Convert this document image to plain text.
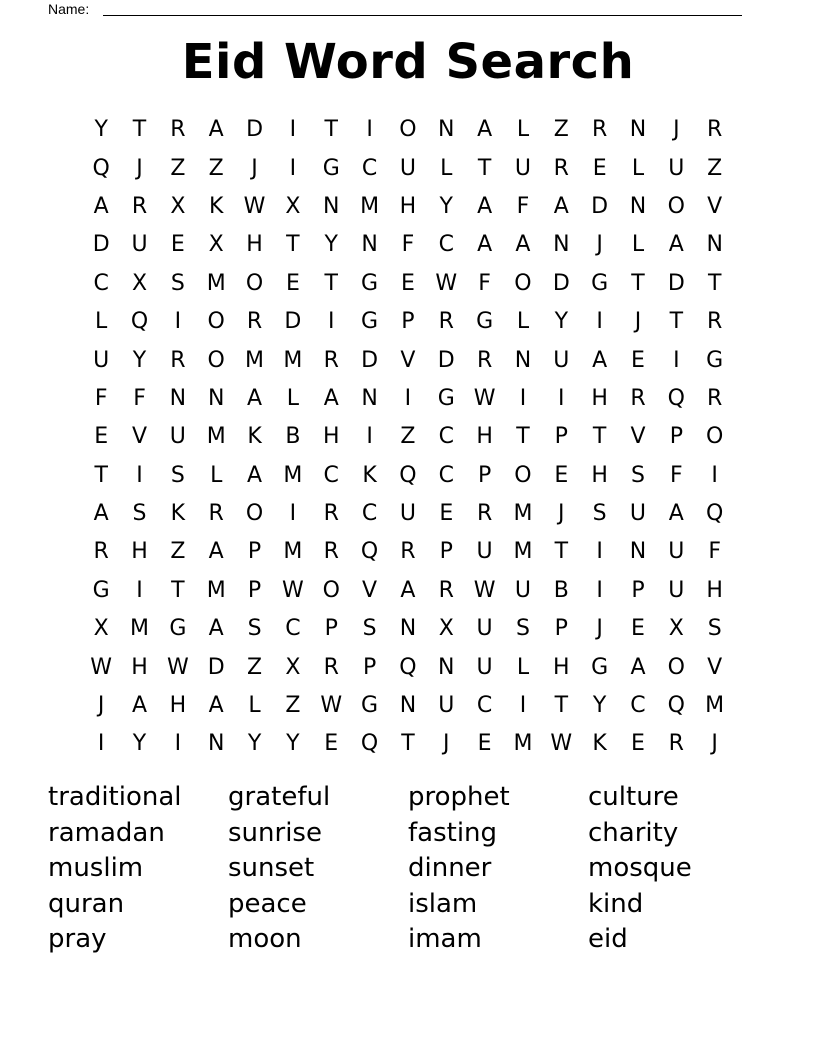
Name:
Eid Word Search
Y	T	R	A	D	I	T	I	O N	A	L	Z	R	N	J	R
Q	J	Z	Z	J	I	G	C	U	L	T	U	R	E	L	U	Z
A	R	X	K W X	N M H	Y	A	F	A	D N O	V
D U	E	X	H	T	Y	N	F	C	A	A	N	J	L	A	N
C	X	S M O	E	T	G	E W F	O D G	T	D	T
L	Q	I	O	R	D	I	G	P	R	G	L	Y	I	J	T	R
U	Y	R	O M M R	D	V	D	R	N	U	A	E	I	G
F	F	N N	A	L	A	N	I	G W	I	I	H	R	Q	R
E	V	U M K	B	H	I	Z	C	H	T	P	T	V	P	O
T	I	S	L	A M C	K	Q	C	P	O	E	H	S	F	I
A	S	K	R	O	I	R	C	U	E	R M	J	S	U	A	Q
R	H	Z	A	P	M R	Q	R	P	U M	T	I	N	U	F
G	I	T	M	P W O	V	A	R W U	B	I	P	U	H
X M G	A	S	C	P	S	N	X	U	S	P	J	E	X	S
W H W D	Z	X	R	P	Q N	U	L	H G	A	O	V
J	A	H	A	L	Z W G N	U	C	I	T	Y	C Q M
I	Y	I	N	Y	Y	E	Q	T	J	E M W K	E	R	J
traditional	grateful	prophet	culture
ramadan	sunrise	fasting	charity
muslim	sunset	dinner	mosque
quran	peace	islam	kind
pray	moon	imam	eid
